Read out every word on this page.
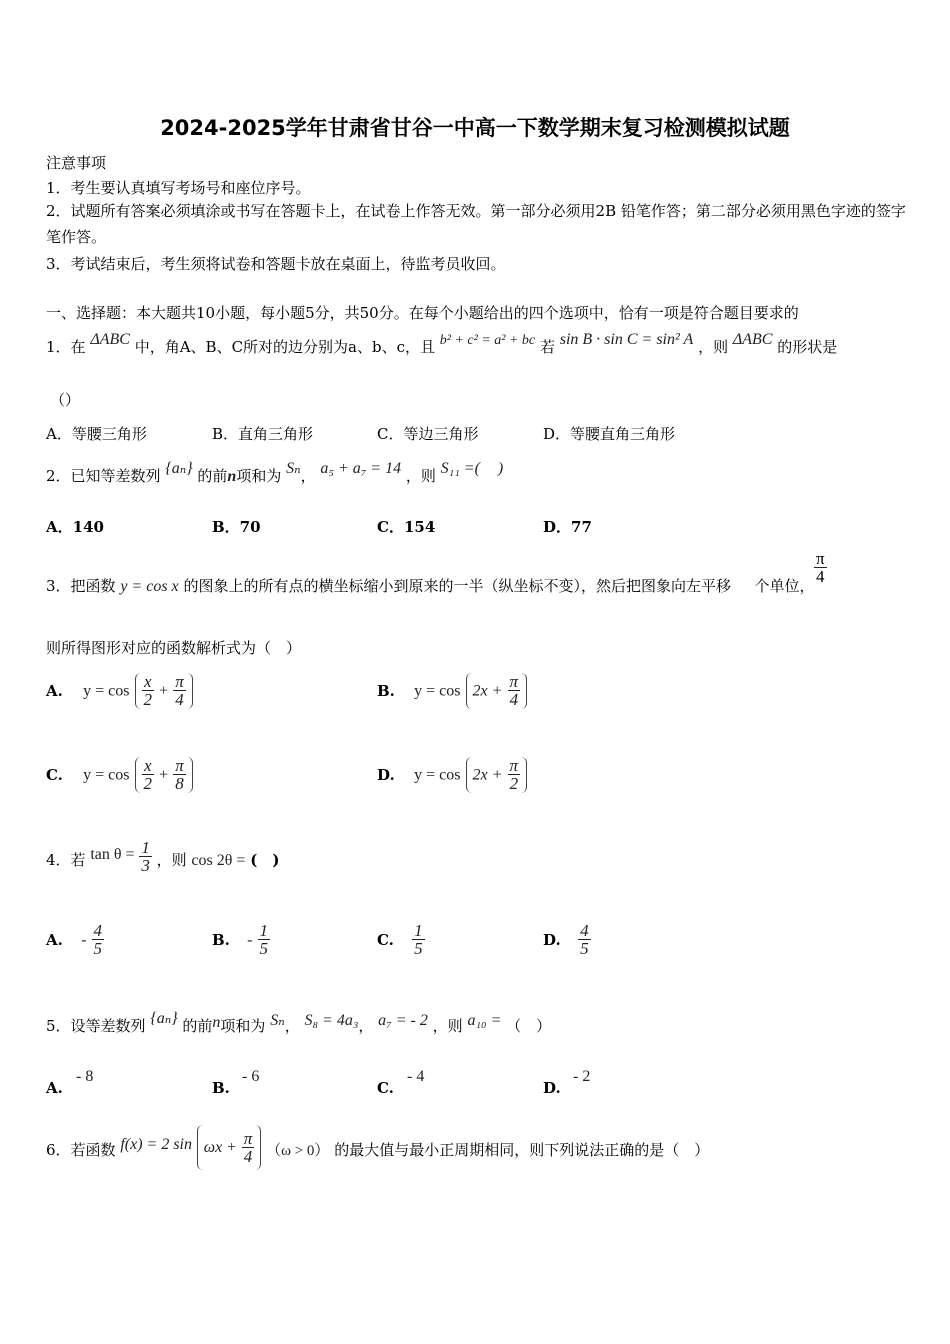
2024-2025学年甘肃省甘谷一中高一下数学期末复习检测模拟试题
注意事项
1．考生要认真填写考场号和座位序号。
2．试题所有答案必须填涂或书写在答题卡上，在试卷上作答无效。第一部分必须用2B 铅笔作答；第二部分必须用黑色字迹的签字笔作答。
3．考试结束后，考生须将试卷和答题卡放在桌面上，待监考员收回。
一、选择题：本大题共10小题，每小题5分，共50分。在每个小题给出的四个选项中，恰有一项是符合题目要求的
1．在 ΔABC 中，角A、B、C所对的边分别为a、b、c，且 b² + c² = a² + bc 若 sin B · sin C = sin² A ，则 ΔABC 的形状是
（）
A．等腰三角形	B．直角三角形	C．等边三角形	D．等腰直角三角形
2．已知等差数列 {aₙ} 的前n项和为 Sₙ， a₅ + a₇ = 14 ，则 S₁₁ =( )
A．140	B．70	C．154	D．77
3．把函数 y = cos x 的图象上的所有点的横坐标缩小到原来的一半（纵坐标不变），然后把图象向左平移 个单位， $\frac{\pi}{4}$
则所得图形对应的函数解析式为（　）
A. $y = \cos \frac{x}{2} + \frac{\pi}{4}$	B. $y = \cos 2x + \frac{\pi}{4}$
C. $y = \cos \frac{x}{2} + \frac{\pi}{8}$	D. $y = \cos 2x + \frac{\pi}{2}$
4．若 $\tan \theta = \frac{1}{3}$ ，则 cos 2θ = (　)
A. - $\frac{4}{5}$	B. - $\frac{1}{5}$	C. $\frac{1}{5}$	D. $\frac{4}{5}$
5．设等差数列 {aₙ} 的前n项和为 Sₙ， S₈ = 4a₃， a₇ = - 2 ，则 a₁₀ = （　）
A.- 8
B.- 6
C.- 4
D.- 2
6．若函数 f(x) = 2 $\sin \omega x + \frac{\pi}{4} (\omega > 0)$ 的最大值与最小正周期相同，则下列说法正确的是（　）
